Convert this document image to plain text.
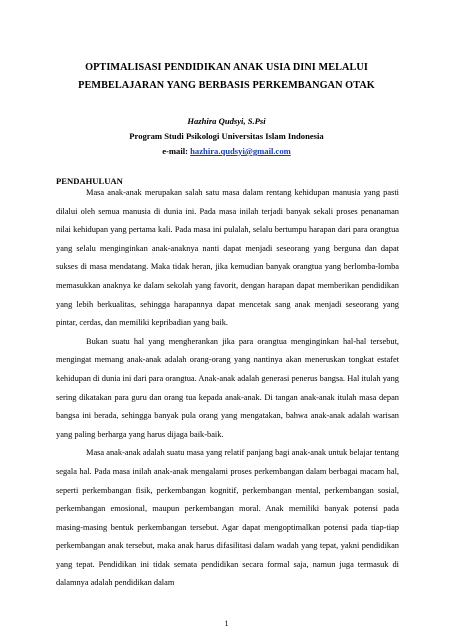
OPTIMALISASI PENDIDIKAN ANAK USIA DINI MELALUI
PEMBELAJARAN YANG BERBASIS PERKEMBANGAN OTAK
Hazhira Qudsyi, S.Psi
Program Studi Psikologi Universitas Islam Indonesia
e-mail: hazhira.qudsyi@gmail.com
PENDAHULUAN

Masa anak-anak merupakan salah satu masa dalam rentang kehidupan manusia yang pasti dilalui oleh semua manusia di dunia ini. Pada masa inilah terjadi banyak sekali proses penanaman nilai kehidupan yang pertama kali. Pada masa ini pulalah, selalu bertumpu harapan dari para orangtua yang selalu menginginkan anak-anaknya nanti dapat menjadi seseorang yang berguna dan dapat sukses di masa mendatang. Maka tidak heran, jika kemudian banyak orangtua yang berlomba-lomba memasukkan anaknya ke dalam sekolah yang favorit, dengan harapan dapat memberikan pendidikan yang lebih berkualitas, sehingga harapannya dapat mencetak sang anak menjadi seseorang yang pintar, cerdas, dan memiliki kepribadian yang baik.

Bukan suatu hal yang mengherankan jika para orangtua menginginkan hal-hal tersebut, mengingat memang anak-anak adalah orang-orang yang nantinya akan meneruskan tongkat estafet kehidupan di dunia ini dari para orangtua. Anak-anak adalah generasi penerus bangsa. Hal itulah yang sering dikatakan para guru dan orang tua kepada anak-anak. Di tangan anak-anak itulah masa depan bangsa ini berada, sehingga banyak pula orang yang mengatakan, bahwa anak-anak adalah warisan yang paling berharga yang harus dijaga baik-baik.

Masa anak-anak adalah suatu masa yang relatif panjang bagi anak-anak untuk belajar tentang segala hal. Pada masa inilah anak-anak mengalami proses perkembangan dalam berbagai macam hal, seperti perkembangan fisik, perkembangan kognitif, perkembangan mental, perkembangan sosial, perkembangan emosional, maupun perkembangan moral. Anak memiliki banyak potensi pada masing-masing bentuk perkembangan tersebut. Agar dapat mengoptimalkan potensi pada tiap-tiap perkembangan anak tersebut, maka anak harus difasilitasi dalam wadah yang tepat, yakni pendidikan yang tepat. Pendidikan ini tidak semata pendidikan secara formal saja, namun juga termasuk di dalamnya adalah pendidikan dalam

1
